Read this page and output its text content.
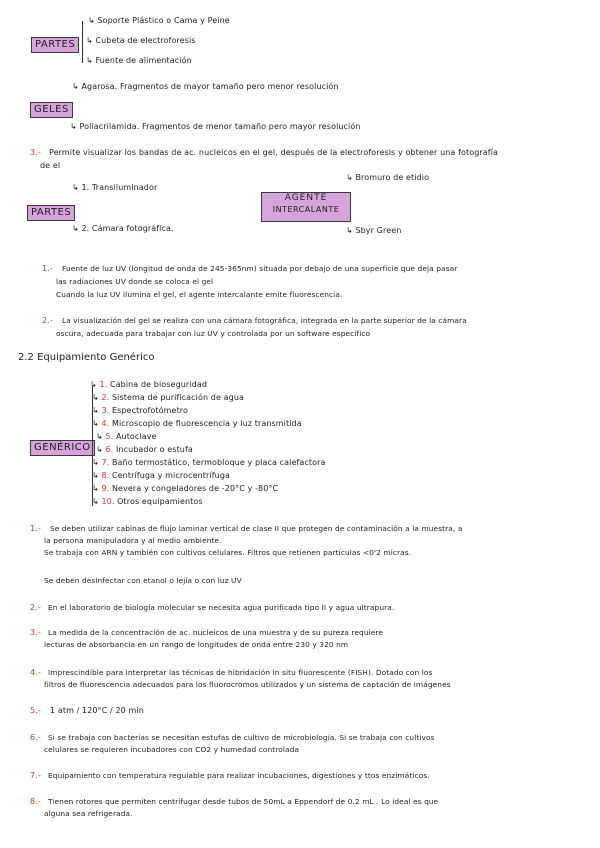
PARTES
↳ Soporte Plástico o Cama y Peine
↳ Cubeta de electroforesis
↳ Fuente de alimentación
GELES
↳ Agarosa. Fragmentos de mayor tamaño pero menor resolución
↳ Poliacrilamida. Fragmentos de menor tamaño pero mayor resolución
3.- Permite visualizar los bandas de ac. nucleicos en el gel, después de la electroforesis y obtener una fotografía
de el
PARTES
↳ 1. Transiluminador
↳ 2. Cámara fotográfica.
AGENTE
INTERCALANTE
↳ Bromuro de etidio
↳ Sbyr Green
1.- Fuente de luz UV (longitud de onda de 245-365nm) situada por debajo de una superficie que deja pasar
las radiaciones UV donde se coloca el gel
Cuando la luz UV ilumina el gel, el agente intercalante emite fluorescencia.
2.- La visualización del gel se realiza con una cámara fotográfica, integrada en la parte superior de la cámara
oscura, adecuada para trabajar con luz UV y controlada por un software específico
2.2 Equipamiento Genérico
GENÉRICO
↳ 1. Cabina de bioseguridad
↳ 2. Sistema de purificación de agua
↳ 3. Espectrofotómetro
↳ 4. Microscopio de fluorescencia y luz transmitida
↳ 5. Autoclave
↳ 6. Incubador o estufa
↳ 7. Baño termostático, termobloque y placa calefactora
↳ 8. Centrífuga y microcentrífuga
↳ 9. Nevera y congeladores de -20°C y -80°C
↳ 10. Otros equipamientos
1.- Se deben utilizar cabinas de flujo laminar vertical de clase II que protegen de contaminación a la muestra, a
la persona manipuladora y al medio ambiente.
Se trabaja con ARN y también con cultivos celulares. Filtros que retienen partículas <0'2 micras.
Se deben desinfectar con etanol o lejía o con luz UV
2.- En el laboratorio de biología molecular se necesita agua purificada tipo II y agua ultrapura.
3.- La medida de la concentración de ac. nucleicos de una muestra y de su pureza requiere
lecturas de absorbancia en un rango de longitudes de onda entre 230 y 320 nm
4.- Imprescindible para interpretar las técnicas de hibridación in situ fluorescente (FISH). Dotado con los
filtros de fluorescencia adecuados para los fluorocromos utilizados y un sistema de captación de imágenes
5.- 1 atm / 120°C / 20 min
6.- Si se trabaja con bacterias se necesitan estufas de cultivo de microbiología. Si se trabaja con cultivos
celulares se requieren incubadores con CO2 y humedad controlada
7.- Equipamiento con temperatura regulable para realizar incubaciones, digestiones y ttos enzimáticos.
8.- Tienen rotores que permiten centrifugar desde tubos de 50mL a Eppendorf de 0.2 mL . Lo ideal es que
alguna sea refrigerada.
